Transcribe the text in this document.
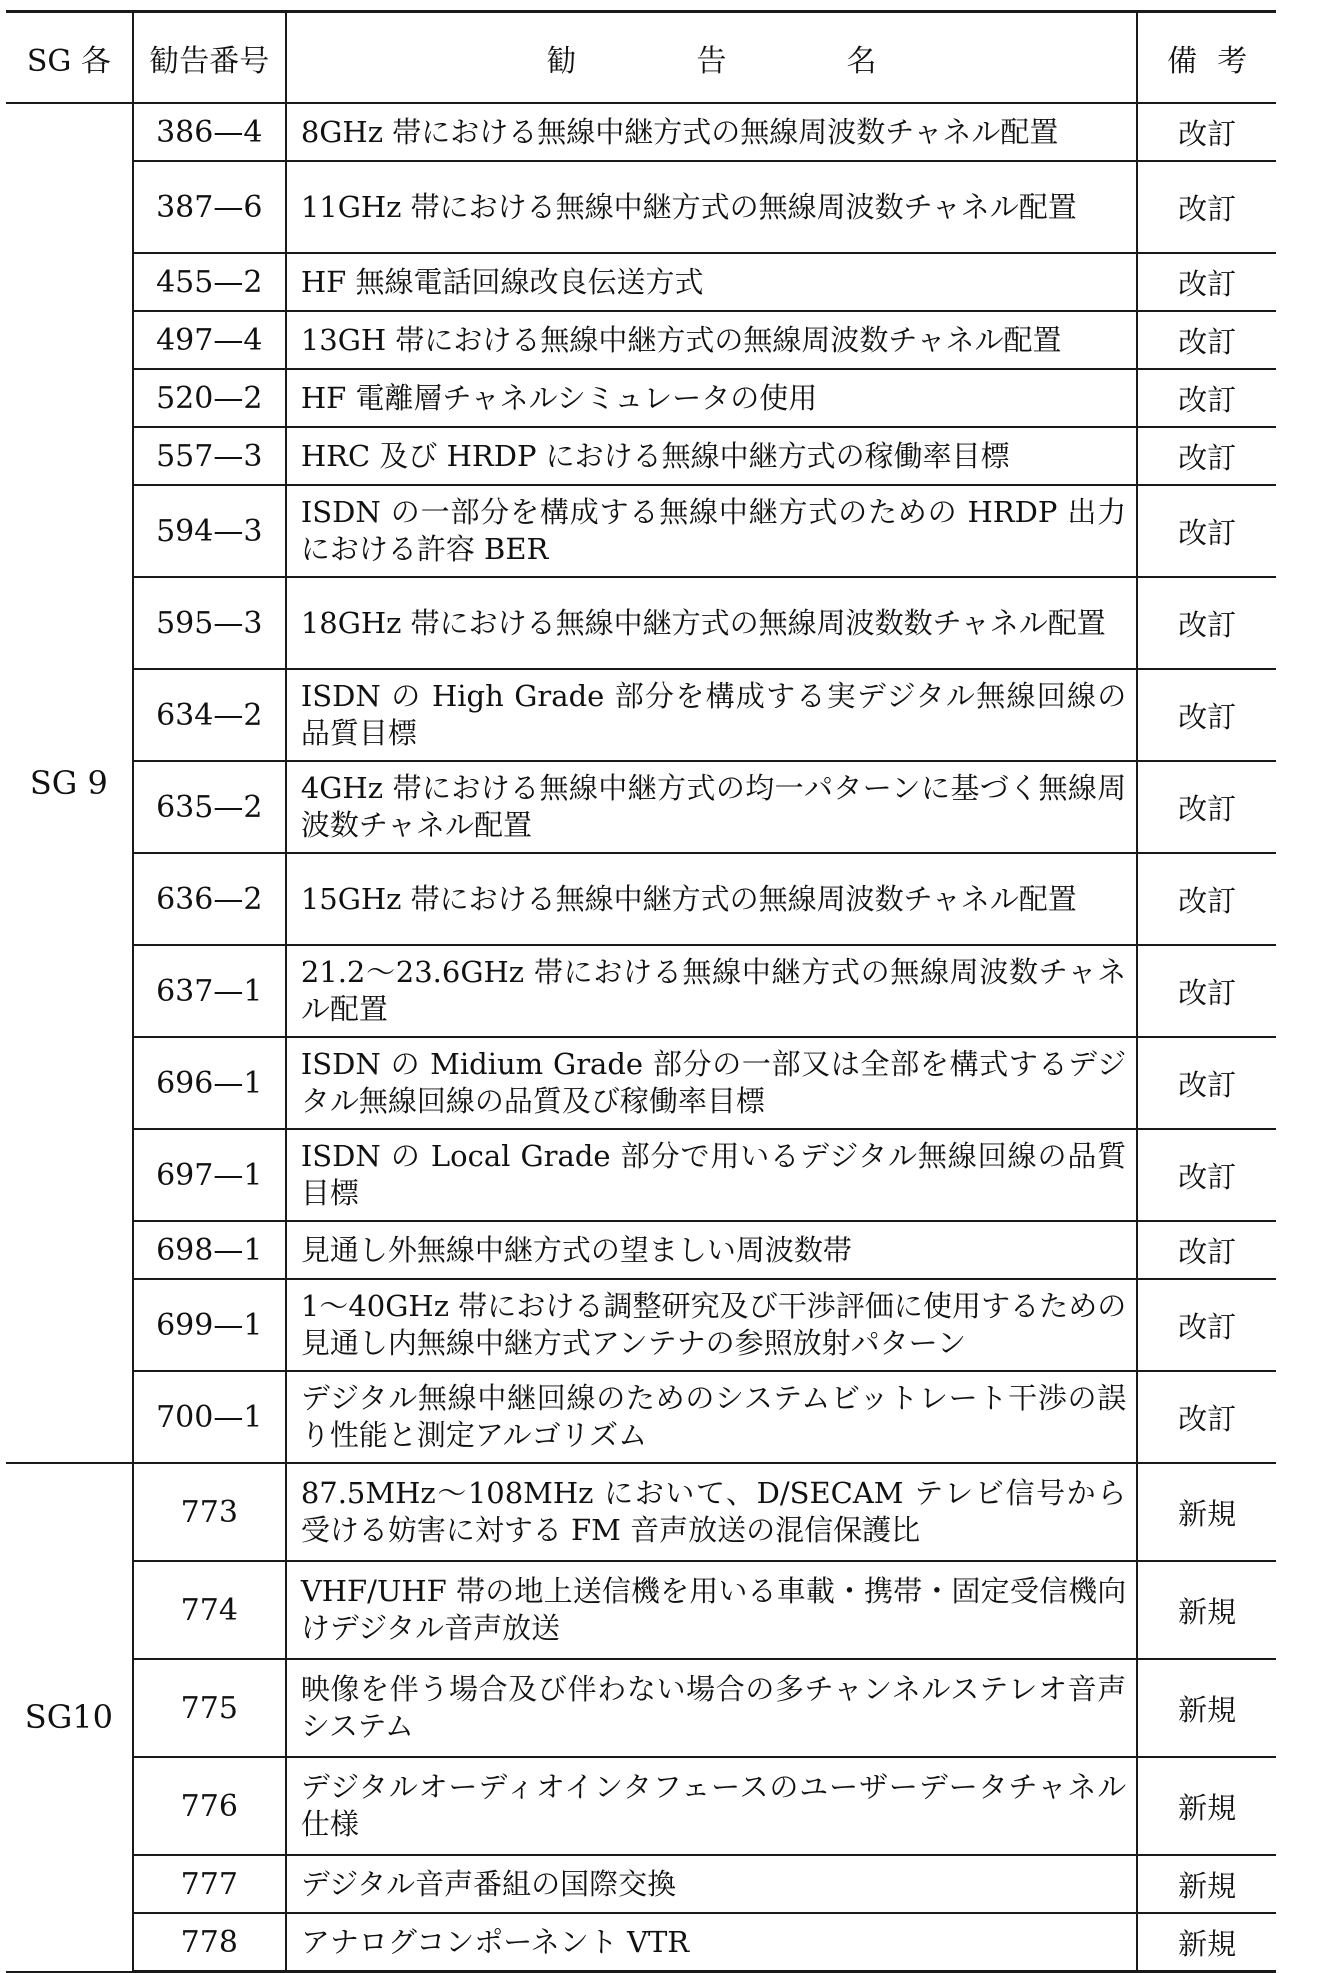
SG 各	勧告番号	勧告名	備考
SG 9	386—4	8GHz 帯における無線中継方式の無線周波数チャネル配置	改訂
	387—6	11GHz 帯における無線中継方式の無線周波数チャネル配置	改訂
	455—2	HF 無線電話回線改良伝送方式	改訂
	497—4	13GH 帯における無線中継方式の無線周波数チャネル配置	改訂
	520—2	HF 電離層チャネルシミュレータの使用	改訂
	557—3	HRC 及び HRDP における無線中継方式の稼働率目標	改訂
	594—3	ISDN の一部分を構成する無線中継方式のための HRDP 出力における許容 BER	改訂
	595—3	18GHz 帯における無線中継方式の無線周波数数チャネル配置	改訂
	634—2	ISDN の High Grade 部分を構成する実デジタル無線回線の品質目標	改訂
	635—2	4GHz 帯における無線中継方式の均一パターンに基づく無線周波数チャネル配置	改訂
	636—2	15GHz 帯における無線中継方式の無線周波数チャネル配置	改訂
	637—1	21.2～23.6GHz 帯における無線中継方式の無線周波数チャネル配置	改訂
	696—1	ISDN の Midium Grade 部分の一部又は全部を構式するデジタル無線回線の品質及び稼働率目標	改訂
	697—1	ISDN の Local Grade 部分で用いるデジタル無線回線の品質目標	改訂
	698—1	見通し外無線中継方式の望ましい周波数帯	改訂
	699—1	1～40GHz 帯における調整研究及び干渉評価に使用するための見通し内無線中継方式アンテナの参照放射パターン	改訂
	700—1	デジタル無線中継回線のためのシステムビットレート干渉の誤り性能と測定アルゴリズム	改訂
SG10	773	87.5MHz～108MHz において、D/SECAM テレビ信号から受ける妨害に対する FM 音声放送の混信保護比	新規
	774	VHF/UHF 帯の地上送信機を用いる車載・携帯・固定受信機向けデジタル音声放送	新規
	775	映像を伴う場合及び伴わない場合の多チャンネルステレオ音声システム	新規
	776	デジタルオーディオインタフェースのユーザーデータチャネル仕様	新規
	777	デジタル音声番組の国際交換	新規
	778	アナログコンポーネント VTR	新規
